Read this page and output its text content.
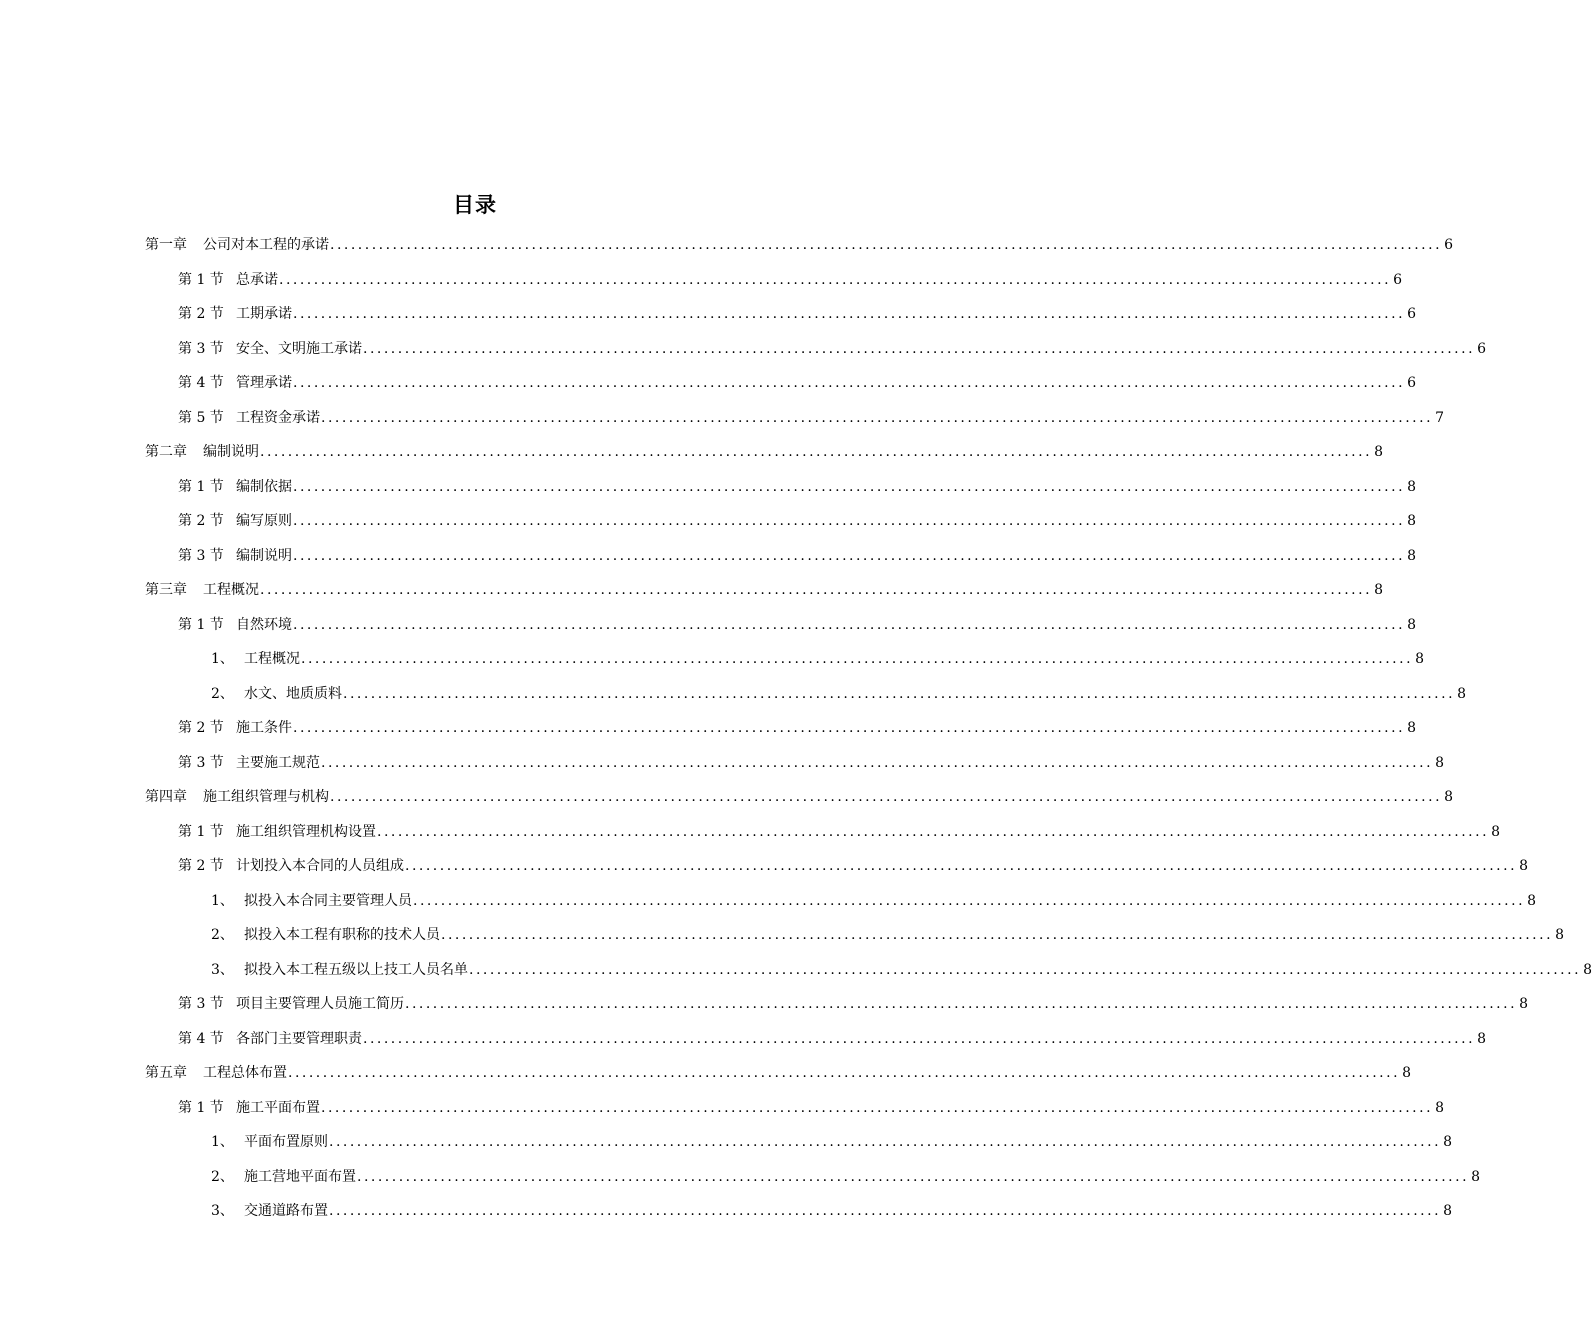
目录
第一章	公司对本工程的承诺 ................................................................................................................................................................ 6
第 1 节 总承诺 ................................................................................................................................................................ 6
第 2 节 工期承诺 ................................................................................................................................................................ 6
第 3 节 安全、文明施工承诺 ................................................................................................................................................................ 6
第 4 节 管理承诺 ................................................................................................................................................................ 6
第 5 节 工程资金承诺 ................................................................................................................................................................ 7
第二章	编制说明 ................................................................................................................................................................ 8
第 1 节 编制依据 ................................................................................................................................................................ 8
第 2 节 编写原则 ................................................................................................................................................................ 8
第 3 节 编制说明 ................................................................................................................................................................ 8
第三章	工程概况 ................................................................................................................................................................ 8
第 1 节 自然环境 ................................................................................................................................................................ 8
1、 工程概况 ................................................................................................................................................................ 8
2、 水文、地质质料 ................................................................................................................................................................ 8
第 2 节 施工条件 ................................................................................................................................................................ 8
第 3 节 主要施工规范 ................................................................................................................................................................ 8
第四章	施工组织管理与机构 ................................................................................................................................................................ 8
第 1 节 施工组织管理机构设置 ................................................................................................................................................................ 8
第 2 节 计划投入本合同的人员组成 ................................................................................................................................................................ 8
1、 拟投入本合同主要管理人员 ................................................................................................................................................................ 8
2、 拟投入本工程有职称的技术人员 ................................................................................................................................................................ 8
3、 拟投入本工程五级以上技工人员名单 ................................................................................................................................................................ 8
第 3 节 项目主要管理人员施工简历 ................................................................................................................................................................ 8
第 4 节 各部门主要管理职责 ................................................................................................................................................................ 8
第五章	工程总体布置 ................................................................................................................................................................ 8
第 1 节 施工平面布置 ................................................................................................................................................................ 8
1、 平面布置原则 ................................................................................................................................................................ 8
2、 施工营地平面布置 ................................................................................................................................................................ 8
3、 交通道路布置 ................................................................................................................................................................ 8
